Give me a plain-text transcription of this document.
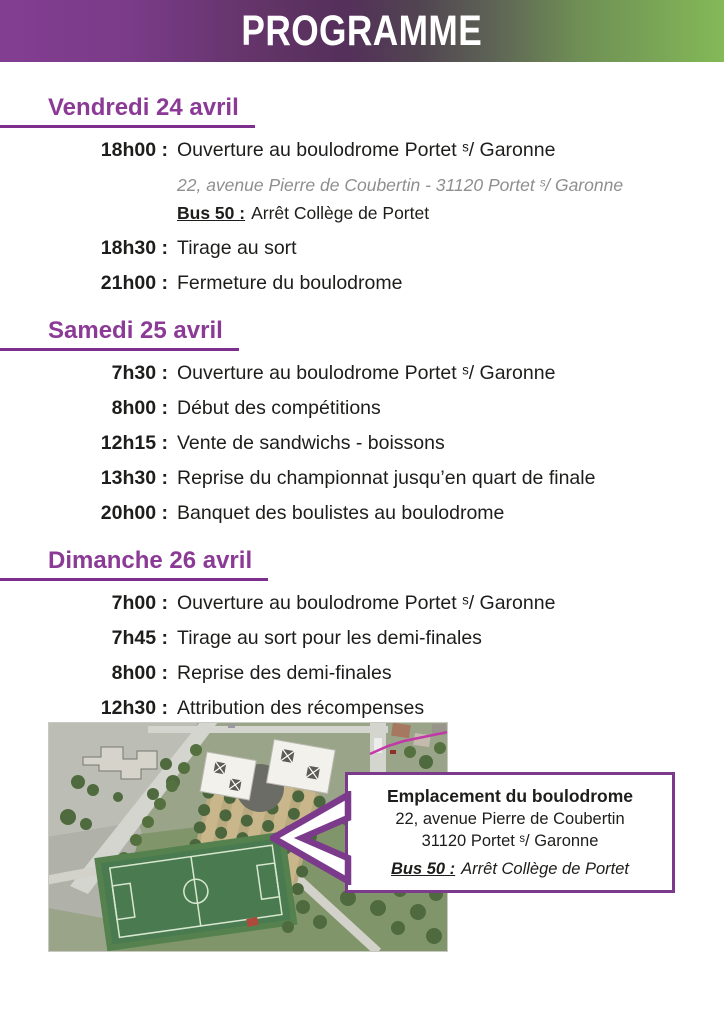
PROGRAMME
Vendredi 24 avril
18h00 : Ouverture au boulodrome Portet ˢ/ Garonne
22, avenue Pierre de Coubertin - 31120 Portet ˢ/ Garonne
Bus 50 : Arrêt Collège de Portet
18h30 : Tirage au sort
21h00 : Fermeture du boulodrome
Samedi 25 avril
7h30 : Ouverture au boulodrome Portet ˢ/ Garonne
8h00 : Début des compétitions
12h15 : Vente de sandwichs - boissons
13h30 : Reprise du championnat jusqu’en quart de finale
20h00 : Banquet des boulistes au boulodrome
Dimanche 26 avril
7h00 : Ouverture au boulodrome Portet ˢ/ Garonne
7h45 : Tirage au sort pour les demi-finales
8h00 : Reprise des demi-finales
12h30 : Attribution des récompenses
Emplacement du boulodrome
22, avenue Pierre de Coubertin
31120 Portet ˢ/ Garonne
Bus 50 : Arrêt Collège de Portet
